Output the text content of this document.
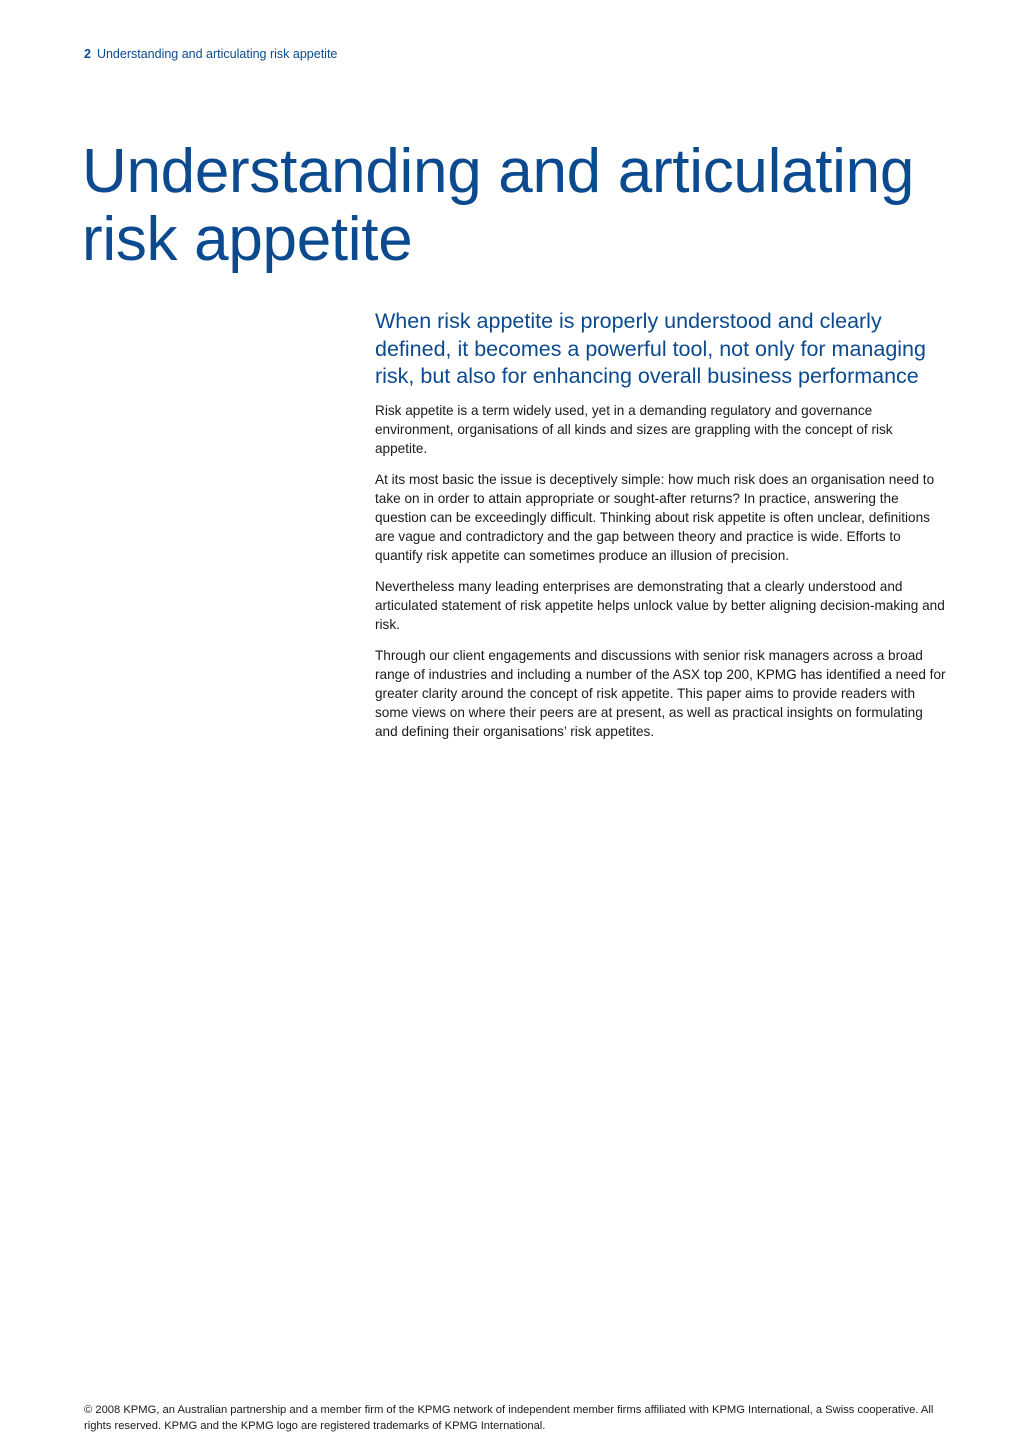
2 Understanding and articulating risk appetite
Understanding and articulating
risk appetite

When risk appetite is properly understood and clearly defined, it becomes a powerful tool, not only for managing risk, but also for enhancing overall business performance

Risk appetite is a term widely used, yet in a demanding regulatory and governance environment, organisations of all kinds and sizes are grappling with the concept of risk appetite.

At its most basic the issue is deceptively simple: how much risk does an organisation need to take on in order to attain appropriate or sought-after returns? In practice, answering the question can be exceedingly difficult. Thinking about risk appetite is often unclear, definitions are vague and contradictory and the gap between theory and practice is wide. Efforts to quantify risk appetite can sometimes produce an illusion of precision.

Nevertheless many leading enterprises are demonstrating that a clearly understood and articulated statement of risk appetite helps unlock value by better aligning decision-making and risk.

Through our client engagements and discussions with senior risk managers across a broad range of industries and including a number of the ASX top 200, KPMG has identified a need for greater clarity around the concept of risk appetite. This paper aims to provide readers with some views on where their peers are at present, as well as practical insights on formulating and defining their organisations’ risk appetites.

© 2008 KPMG, an Australian partnership and a member firm of the KPMG network of independent member firms affiliated with KPMG International, a Swiss cooperative. All rights reserved. KPMG and the KPMG logo are registered trademarks of KPMG International.
